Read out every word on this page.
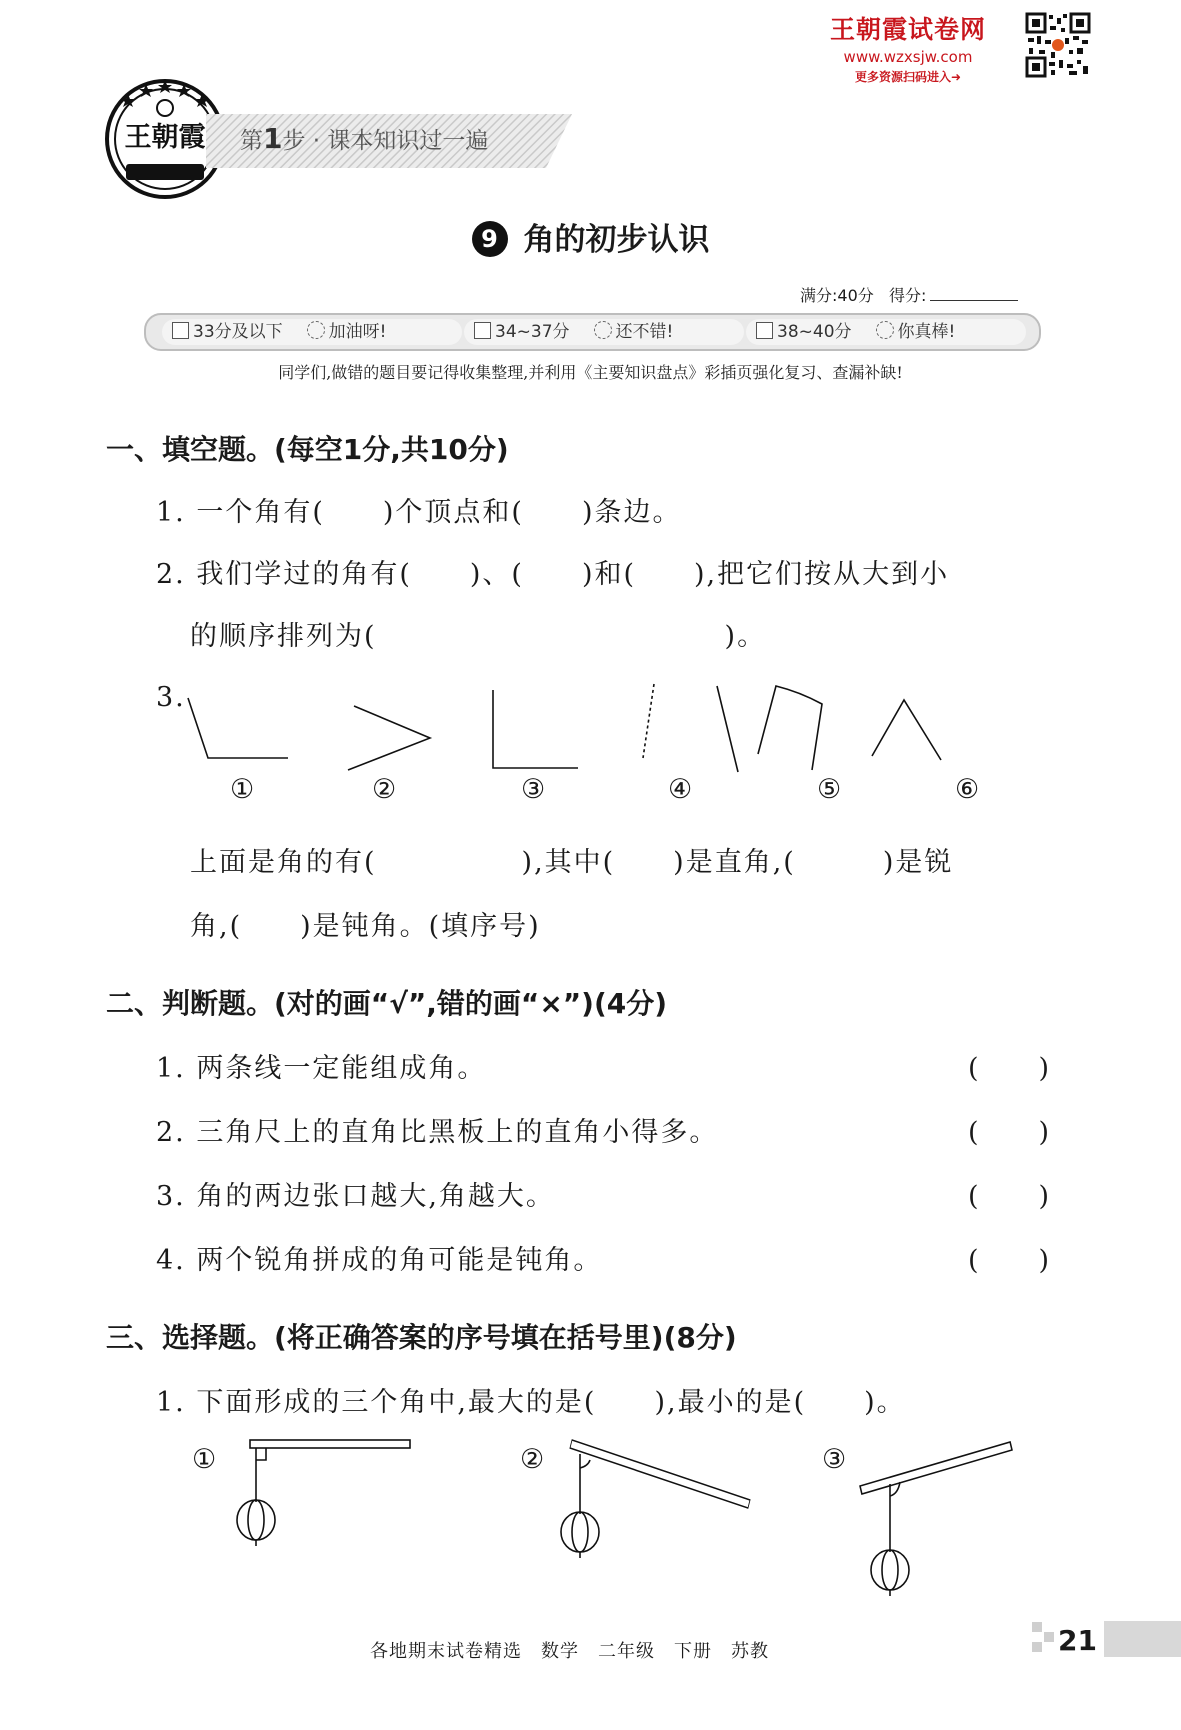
王朝霞试卷网
www.wzxsjw.com
更多资源扫码进入➜
王朝霞 第1步 · 课本知识过一遍
9 角的初步认识
满分:40分 得分:
33分及以下	加油呀!	34~37分	还不错!	38~40分	你真棒!
同学们,做错的题目要记得收集整理,并利用《主要知识盘点》彩插页强化复习、查漏补缺!
一、填空题。(每空1分,共10分)
1. 一个角有(　　)个顶点和(　　)条边。
2. 我们学过的角有(　　)、(　　)和(　　),把它们按从大到小
的顺序排列为(　　　　　　　　　　　　)。
3.
①	②	③	④	⑤	⑥
上面是角的有(　　　　　),其中(　　)是直角,(　　　)是锐
角,(　　)是钝角。(填序号)
二、判断题。(对的画“√”,错的画“×”)(4分)
1. 两条线一定能组成角。	(　　)
2. 三角尺上的直角比黑板上的直角小得多。	(　　)
3. 角的两边张口越大,角越大。	(　　)
4. 两个锐角拼成的角可能是钝角。	(　　)
三、选择题。(将正确答案的序号填在括号里)(8分)
1. 下面形成的三个角中,最大的是(　　),最小的是(　　)。
①	②	③
各地期末试卷精选　数学　二年级　下册　苏教	21
